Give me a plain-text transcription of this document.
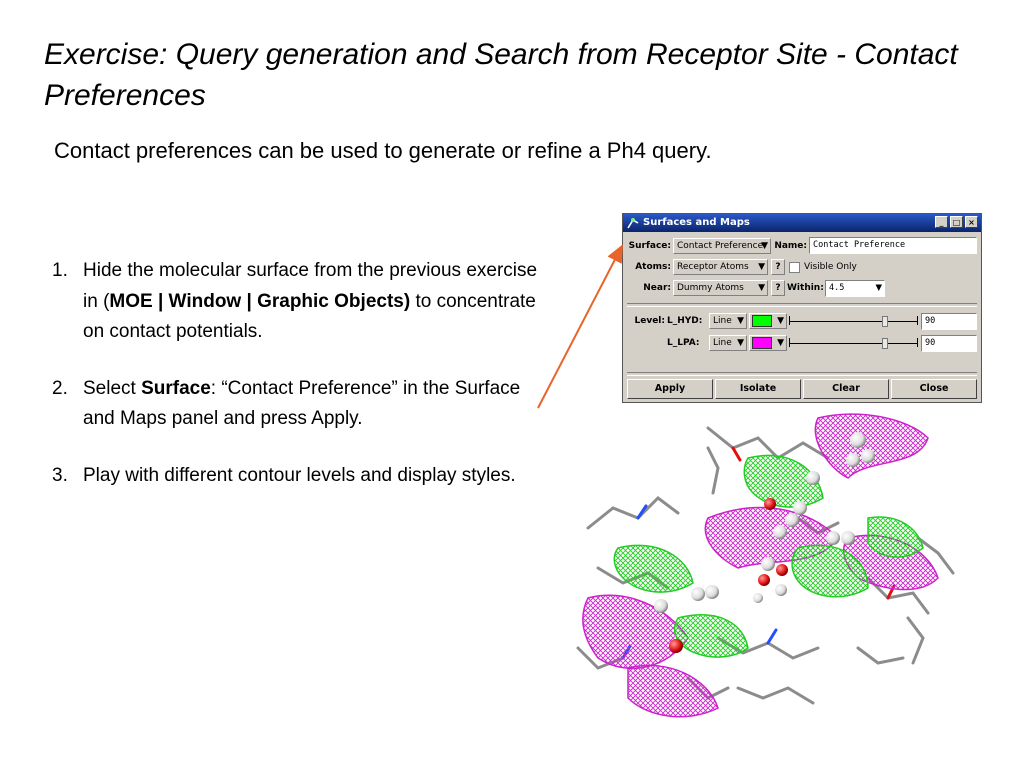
Exercise: Query generation and Search from Receptor Site - Contact Preferences

Contact preferences can be used to generate or refine a Ph4 query.

1. Hide the molecular surface from the previous exercise in (MOE | Window | Graphic Objects) to concentrate on contact potentials.
2. Select Surface: “Contact Preference” in the Surface and Maps panel and press Apply.
3. Play with different contour levels and display styles.
Surfaces and Maps	_	□ ×
Surface: Contact Preference
▼ Name: Contact Preference
Atoms: Receptor Atoms ▼	?	Visible Only
Near: Dummy Atoms ▼	? Within: 4.5	▼
Level: L_HYD:	Line ▼	▼	90
L_LPA:	Line ▼	▼	90
Apply	Isolate	Clear	Close
